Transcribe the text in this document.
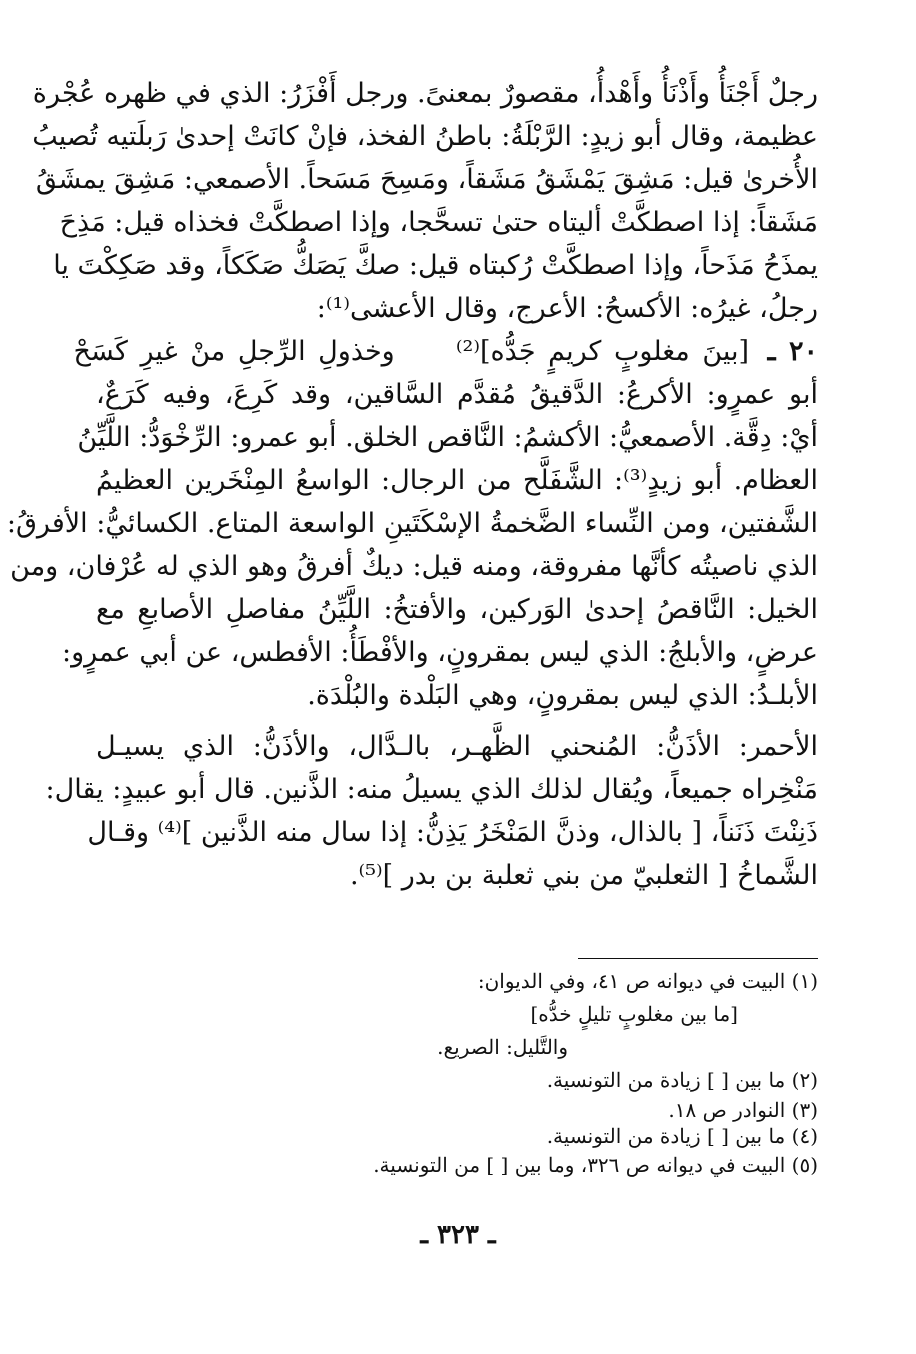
رجلٌ أَجْنَأُ وأَذْنَأُ وأَهْدأُ، مقصورٌ بمعنىً. ورجل أَفْزَرُ: الذي في ظهره عُجْرة
عظيمة، وقال أبو زيدٍ: الرَّبْلَةُ: باطنُ الفخذ، فإنْ كانَتْ إحدىٰ رَبلَتيه تُصيبُ
الأُخرىٰ قيل: مَشِقَ يَمْشَقُ مَشَقاً، ومَسِحَ مَسَحاً. الأصمعي: مَشِقَ يمشَقُ
مَشَقاً: إذا اصطكَّتْ أليتاه حتىٰ تسحَّجا، وإذا اصطكَّتْ فخذاه قيل: مَذِحَ
يمذَحُ مَذَحاً، وإذا اصطكَّتْ رُكبتاه قيل: صكَّ يَصَكُّ صَكَكاً، وقد صَكِكْتَ يا
رجلُ، غيرُه: الأكسحُ: الأعرج، وقال الأعشى⁽¹⁾:
٢٠ ـ [بينَ مغلوبٍ كريمٍ جَدُّه]⁽²⁾  وخذولِ الرِّجلِ منْ غيرِ كَسَحْ
أبو عمرٍو: الأكرعُ: الدَّقيقُ مُقدَّم السَّاقين، وقد كَرِعَ، وفيه كَرَعٌ،
أيْ: دِقَّة. الأصمعيُّ: الأكشمُ: النَّاقص الخلق. أبو عمرو: الرِّخْوَدُّ: اللَّيِّنُ
العظام. أبو زيدٍ⁽³⁾: الشَّفَلَّح من الرجال: الواسعُ المِنْخَرين العظيمُ
الشَّفتين، ومن النِّساء الضَّخمةُ الإسْكَتَينِ الواسعة المتاع. الكسائيُّ: الأفرقُ:
الذي ناصيتُه كأنَّها مفروقة، ومنه قيل: ديكٌ أفرقُ وهو الذي له عُرْفان، ومن
الخيل: النَّاقصُ إحدىٰ الوَركين، والأفتخُ: اللَّيِّنُ مفاصلِ الأصابعِ مع
عرضٍ، والأبلجُ: الذي ليس بمقرونٍ، والأفْطَأُ: الأفطس، عن أبي عمرٍو:
الأبلـدُ: الذي ليس بمقرونٍ، وهي البَلْدة والبُلْدَة.
الأحمر: الأذَنُّ: المُنحني الظَّهـر، بالـدَّال، والأذَنُّ: الذي يسيـل
مَنْخِراه جميعاً، ويُقال لذلك الذي يسيلُ منه: الذَّنين. قال أبو عبيدٍ: يقال:
ذَنِنْتَ ذَنَناً، [ بالذال، وذنَّ المَنْخَرُ يَذِنُّ: إذا سال منه الذَّنين ]⁽⁴⁾ وقـال
الشَّماخُ [ الثعلبيّ من بني ثعلبة بن بدر ]⁽⁵⁾.
(١) البيت في ديوانه ص ٤١، وفي الديوان:
[ما بين مغلوبٍ تليلٍ خدُّه]
والتَّليل: الصريع.
(٢) ما بين [ ] زيادة من التونسية.
(٣) النوادر ص ١٨.
(٤) ما بين [ ] زيادة من التونسية.
(٥) البيت في ديوانه ص ٣٢٦، وما بين [ ] من التونسية.
ـ ٣٢٣ ـ
